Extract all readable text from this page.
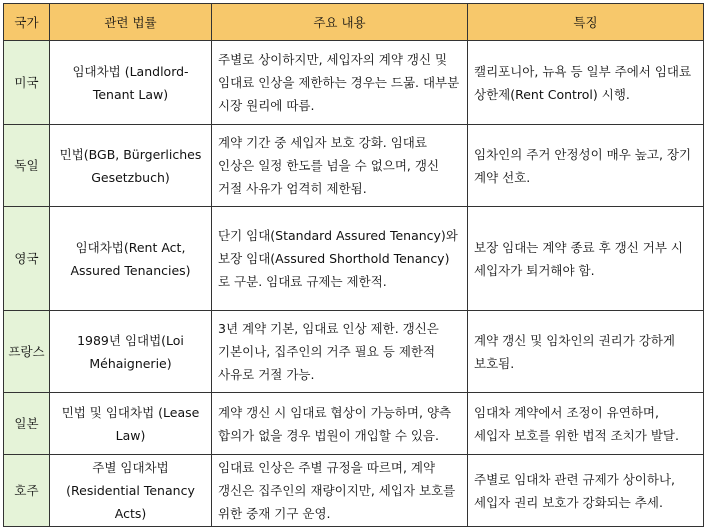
국가	관련 법률	주요 내용	특징
미국	임대차법 (Landlord-Tenant Law)	주별로 상이하지만, 세입자의 계약 갱신 및 임대료 인상을 제한하는 경우는 드묾. 대부분 시장 원리에 따름.	캘리포니아, 뉴욕 등 일부 주에서 임대료 상한제(Rent Control) 시행.
독일	민법(BGB, Bürgerliches Gesetzbuch)	계약 기간 중 세입자 보호 강화. 임대료 인상은 일정 한도를 넘을 수 없으며, 갱신 거절 사유가 엄격히 제한됨.	임차인의 주거 안정성이 매우 높고, 장기 계약 선호.
영국	임대차법(Rent Act, Assured Tenancies)	단기 임대(Standard Assured Tenancy)와 보장 임대(Assured Shorthold Tenancy)로 구분. 임대료 규제는 제한적.	보장 임대는 계약 종료 후 갱신 거부 시 세입자가 퇴거해야 함.
프랑스	1989년 임대법(Loi Méhaignerie)	3년 계약 기본, 임대료 인상 제한. 갱신은 기본이나, 집주인의 거주 필요 등 제한적 사유로 거절 가능.	계약 갱신 및 임차인의 권리가 강하게 보호됨.
일본	민법 및 임대차법 (Lease Law)	계약 갱신 시 임대료 협상이 가능하며, 양측 합의가 없을 경우 법원이 개입할 수 있음.	임대차 계약에서 조정이 유연하며, 세입자 보호를 위한 법적 조치가 발달.
호주	주별 임대차법 (Residential Tenancy Acts)	임대료 인상은 주별 규정을 따르며, 계약 갱신은 집주인의 재량이지만, 세입자 보호를 위한 중재 기구 운영.	주별로 임대차 관련 규제가 상이하나, 세입자 권리 보호가 강화되는 추세.
